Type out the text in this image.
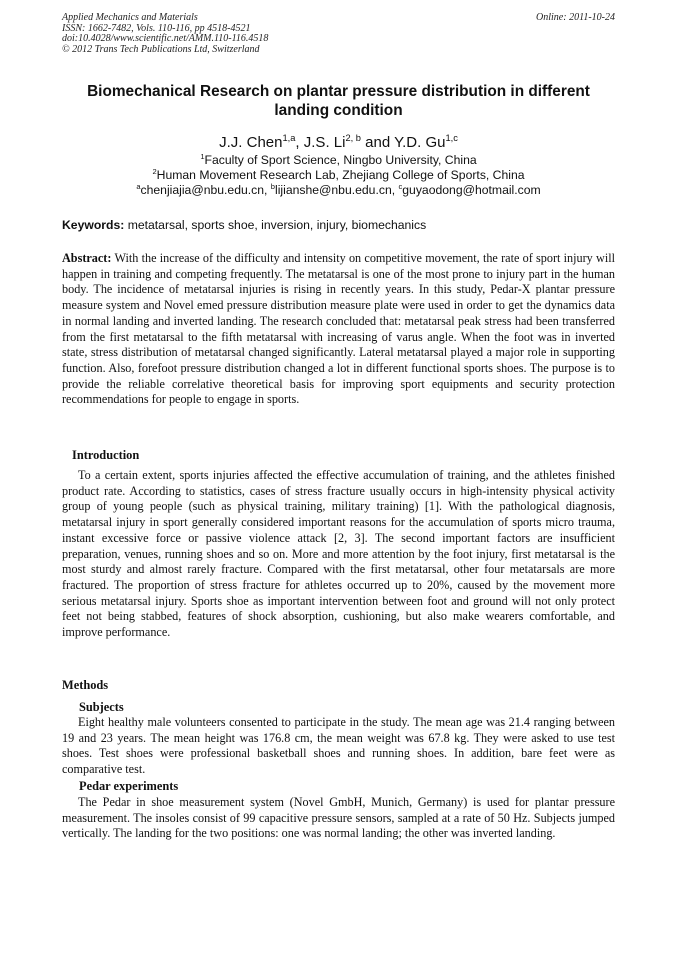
Applied Mechanics and Materials
ISSN: 1662-7482, Vols. 110-116, pp 4518-4521
doi:10.4028/www.scientific.net/AMM.110-116.4518
© 2012 Trans Tech Publications Ltd, Switzerland
Online: 2011-10-24
Biomechanical Research on plantar pressure distribution in different landing condition
J.J. Chen$^{1,a}$, J.S. Li$^{2, b}$ and Y.D. Gu$^{1,c}$
$^1$Faculty of Sport Science, Ningbo University, China
$^2$Human Movement Research Lab, Zhejiang College of Sports, China
$^a$chenjiajia@nbu.edu.cn, $^b$lijianshe@nbu.edu.cn, $^c$guyaodong@hotmail.com
Keywords: metatarsal, sports shoe, inversion, injury, biomechanics
Abstract: With the increase of the difficulty and intensity on competitive movement, the rate of sport injury will happen in training and competing frequently. The metatarsal is one of the most prone to injury part in the human body. The incidence of metatarsal injuries is rising in recently years. In this study, Pedar-X plantar pressure measure system and Novel emed pressure distribution measure plate were used in order to get the dynamics data in normal landing and inverted landing. The research concluded that: metatarsal peak stress had been transferred from the first metatarsal to the fifth metatarsal with increasing of varus angle. When the foot was in inverted state, stress distribution of metatarsal changed significantly. Lateral metatarsal played a major role in supporting function. Also, forefoot pressure distribution changed a lot in different functional sports shoes. The purpose is to provide the reliable correlative theoretical basis for improving sport equipments and security protection recommendations for people to engage in sports.
Introduction
To a certain extent, sports injuries affected the effective accumulation of training, and the athletes finished product rate. According to statistics, cases of stress fracture usually occurs in high-intensity physical activity group of young people (such as physical training, military training) [1]. With the pathological diagnosis, metatarsal injury in sport generally considered important reasons for the accumulation of sports micro trauma, instant excessive force or passive violence attack [2, 3]. The second important factors are insufficient preparation, venues, running shoes and so on. More and more attention by the foot injury, first metatarsal is the most sturdy and almost rarely fracture. Compared with the first metatarsal, other four metatarsals are more fractured. The proportion of stress fracture for athletes occurred up to 20%, caused by the movement more serious metatarsal injury. Sports shoe as important intervention between foot and ground will not only protect feet not being stabbed, features of shock absorption, cushioning, but also make wearers comfortable, and improve performance.
Methods
Subjects
Eight healthy male volunteers consented to participate in the study. The mean age was 21.4 ranging between 19 and 23 years. The mean height was 176.8 cm, the mean weight was 67.8 kg. They were asked to use test shoes. Test shoes were professional basketball shoes and running shoes. In addition, bare feet were as comparative test.
Pedar experiments
The Pedar in shoe measurement system (Novel GmbH, Munich, Germany) is used for plantar pressure measurement. The insoles consist of 99 capacitive pressure sensors, sampled at a rate of 50 Hz. Subjects jumped vertically. The landing for the two positions: one was normal landing; the other was inverted landing.
